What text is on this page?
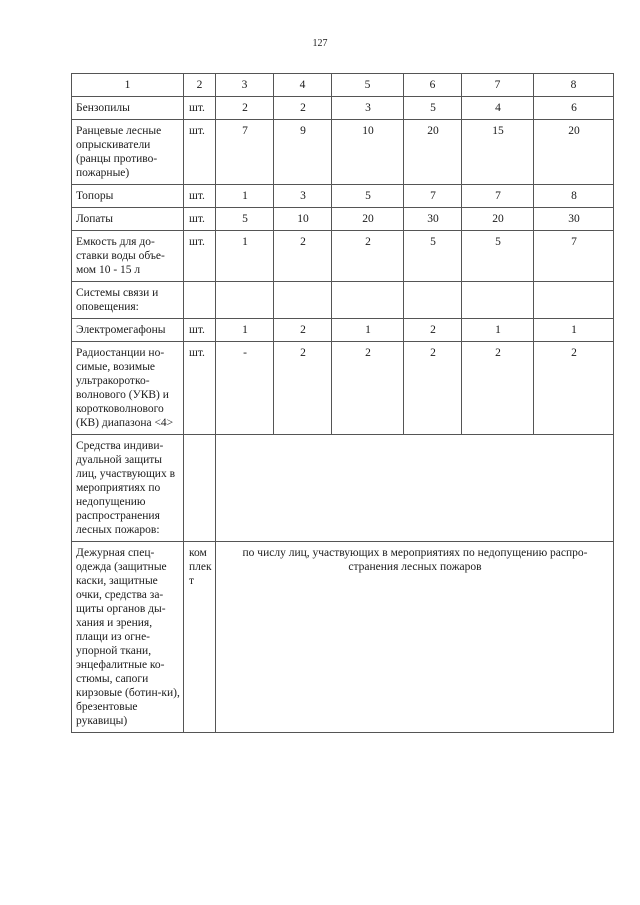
127
1	2	3	4	5	6	7	8
Бензопилы	шт.	2	2	3	5	4	6
Ранцевые лесные опрыскиватели (ранцы противо-пожарные)	шт.	7	9	10	20	15	20
Топоры	шт.	1	3	5	7	7	8
Лопаты	шт.	5	10	20	30	20	30
Емкость для до-ставки воды объе-мом 10 - 15 л	шт.	1	2	2	5	5	7
Системы связи и оповещения:							
Электромегафоны	шт.	1	2	1	2	1	1
Радиостанции но-симые, возимые ультракоротко-волнового (УКВ) и коротковолнового (КВ) диапазона <4>	шт.	-	2	2	2	2	2
Средства индиви-дуальной защиты лиц, участвующих в мероприятиях по недопущению распространения лесных пожаров:							
Дежурная спец-одежда (защитные каски, защитные очки, средства за-щиты органов ды-хания и зрения, плащи из огне-упорной ткани, энцефалитные ко-стюмы, сапоги кирзовые (ботин-ки), брезентовые рукавицы)	ком плек т	по числу лиц, участвующих в мероприятиях по недопущению распро-странения лесных пожаров					
